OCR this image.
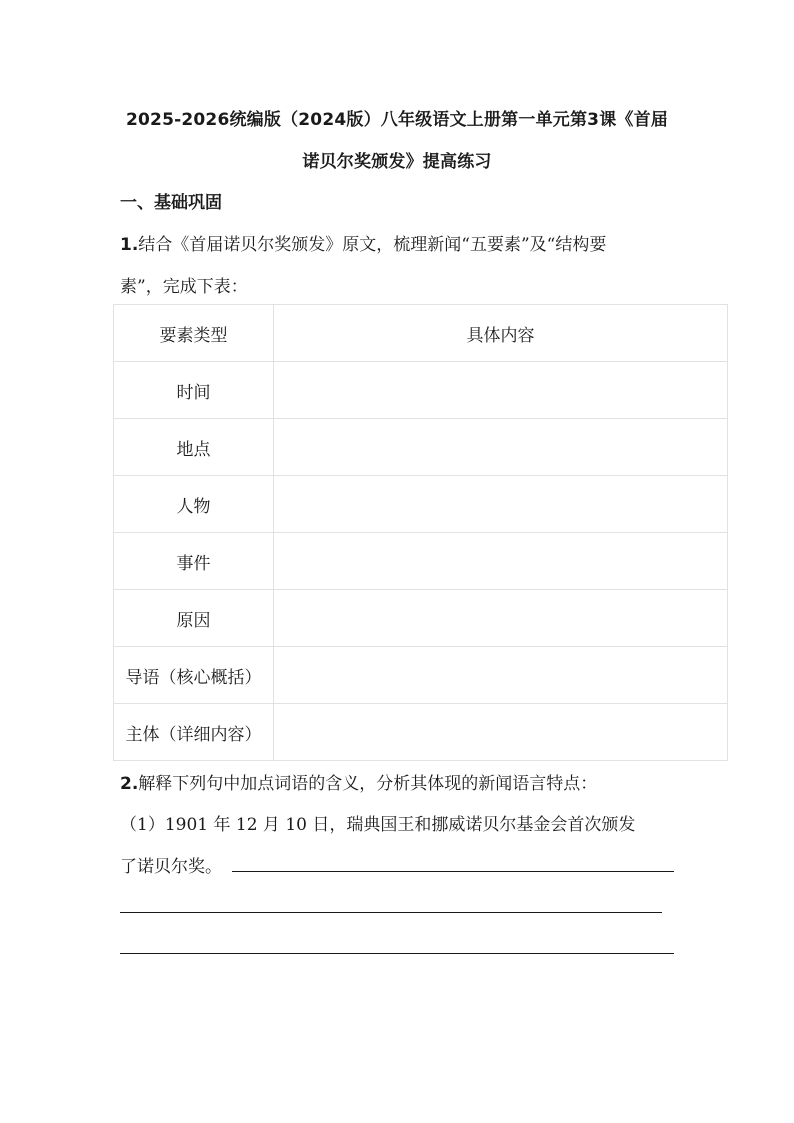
2025-2026统编版（2024版）八年级语文上册第一单元第3课《首届
诺贝尔奖颁发》提高练习
一、基础巩固
1.结合《首届诺贝尔奖颁发》原文，梳理新闻“五要素”及“结构要
素”，完成下表：
要素类型	具体内容
时间	
地点	
人物	
事件	
原因	
导语（核心概括）	
主体（详细内容）	
2.解释下列句中加点词语的含义，分析其体现的新闻语言特点：
（1）1901 年 12 月 10 日，瑞典国王和挪威诺贝尔基金会首次颁发
了诺贝尔奖。
